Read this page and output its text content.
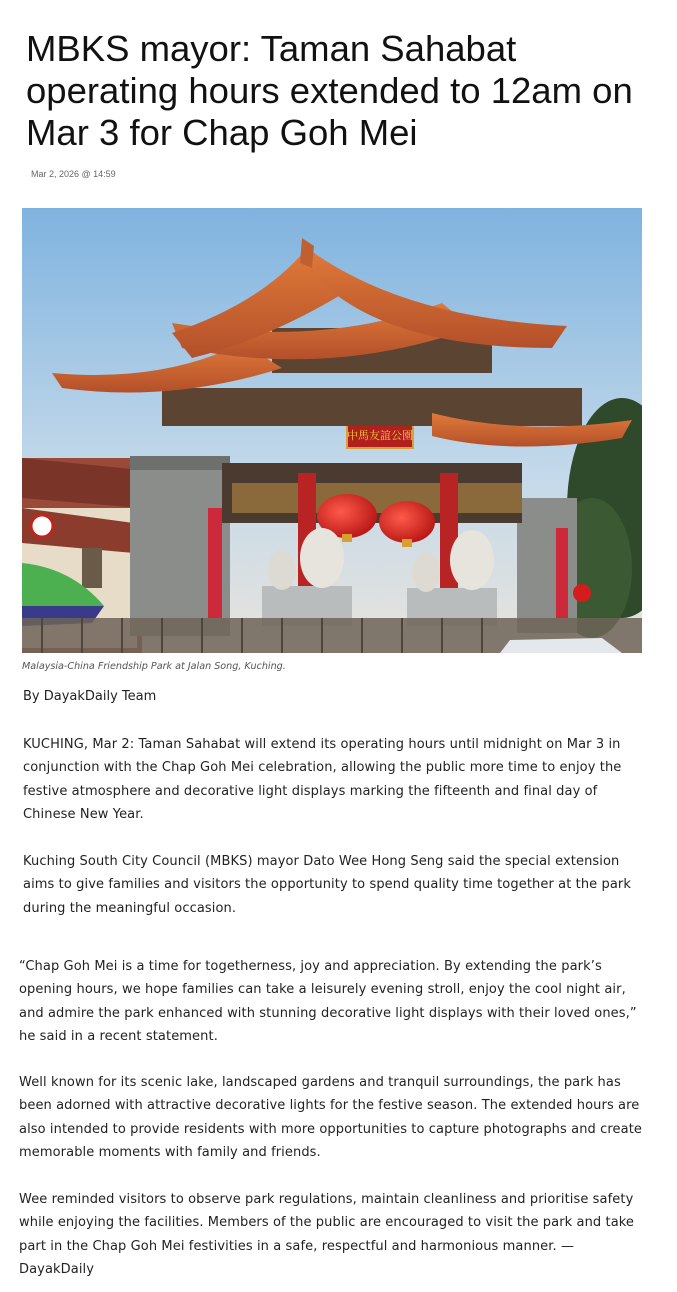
MBKS mayor: Taman Sahabat operating hours extended to 12am on Mar 3 for Chap Goh Mei
Mar 2, 2026 @ 14:59
中馬友誼公園
Malaysia-China Friendship Park at Jalan Song, Kuching.
By DayakDaily Team

KUCHING, Mar 2: Taman Sahabat will extend its operating hours until midnight on Mar 3 in conjunction with the Chap Goh Mei celebration, allowing the public more time to enjoy the festive atmosphere and decorative light displays marking the fifteenth and final day of Chinese New Year.

Kuching South City Council (MBKS) mayor Dato Wee Hong Seng said the special extension aims to give families and visitors the opportunity to spend quality time together at the park during the meaningful occasion.

“Chap Goh Mei is a time for togetherness, joy and appreciation. By extending the park’s opening hours, we hope families can take a leisurely evening stroll, enjoy the cool night air, and admire the park enhanced with stunning decorative light displays with their loved ones,” he said in a recent statement.

Well known for its scenic lake, landscaped gardens and tranquil surroundings, the park has been adorned with attractive decorative lights for the festive season. The extended hours are also intended to provide residents with more opportunities to capture photographs and create memorable moments with family and friends.

Wee reminded visitors to observe park regulations, maintain cleanliness and prioritise safety while enjoying the facilities. Members of the public are encouraged to visit the park and take part in the Chap Goh Mei festivities in a safe, respectful and harmonious manner. — DayakDaily
